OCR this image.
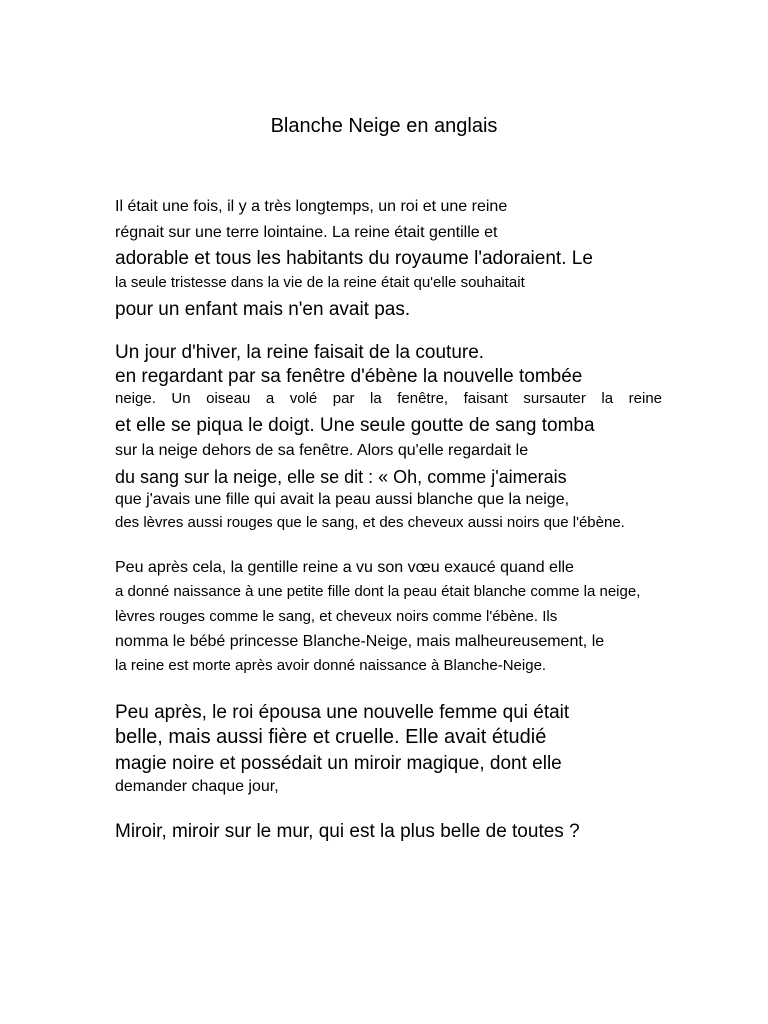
Blanche Neige en anglais
Il était une fois, il y a très longtemps, un roi et une reine
régnait sur une terre lointaine. La reine était gentille et
adorable et tous les habitants du royaume l'adoraient. Le
la seule tristesse dans la vie de la reine était qu'elle souhaitait
pour un enfant mais n'en avait pas.
Un jour d'hiver, la reine faisait de la couture.
en regardant par sa fenêtre d'ébène la nouvelle tombée
neige. Un oiseau a volé par la fenêtre, faisant sursauter la reine
et elle se piqua le doigt. Une seule goutte de sang tomba
sur la neige dehors de sa fenêtre. Alors qu'elle regardait le
du sang sur la neige, elle se dit : « Oh, comme j'aimerais
que j'avais une fille qui avait la peau aussi blanche que la neige,
des lèvres aussi rouges que le sang, et des cheveux aussi noirs que l'ébène.
Peu après cela, la gentille reine a vu son vœu exaucé quand elle
a donné naissance à une petite fille dont la peau était blanche comme la neige,
lèvres rouges comme le sang, et cheveux noirs comme l'ébène. Ils
nomma le bébé princesse Blanche-Neige, mais malheureusement, le
la reine est morte après avoir donné naissance à Blanche-Neige.
Peu après, le roi épousa une nouvelle femme qui était
belle, mais aussi fière et cruelle. Elle avait étudié
magie noire et possédait un miroir magique, dont elle
demander chaque jour,
Miroir, miroir sur le mur, qui est la plus belle de toutes ?
